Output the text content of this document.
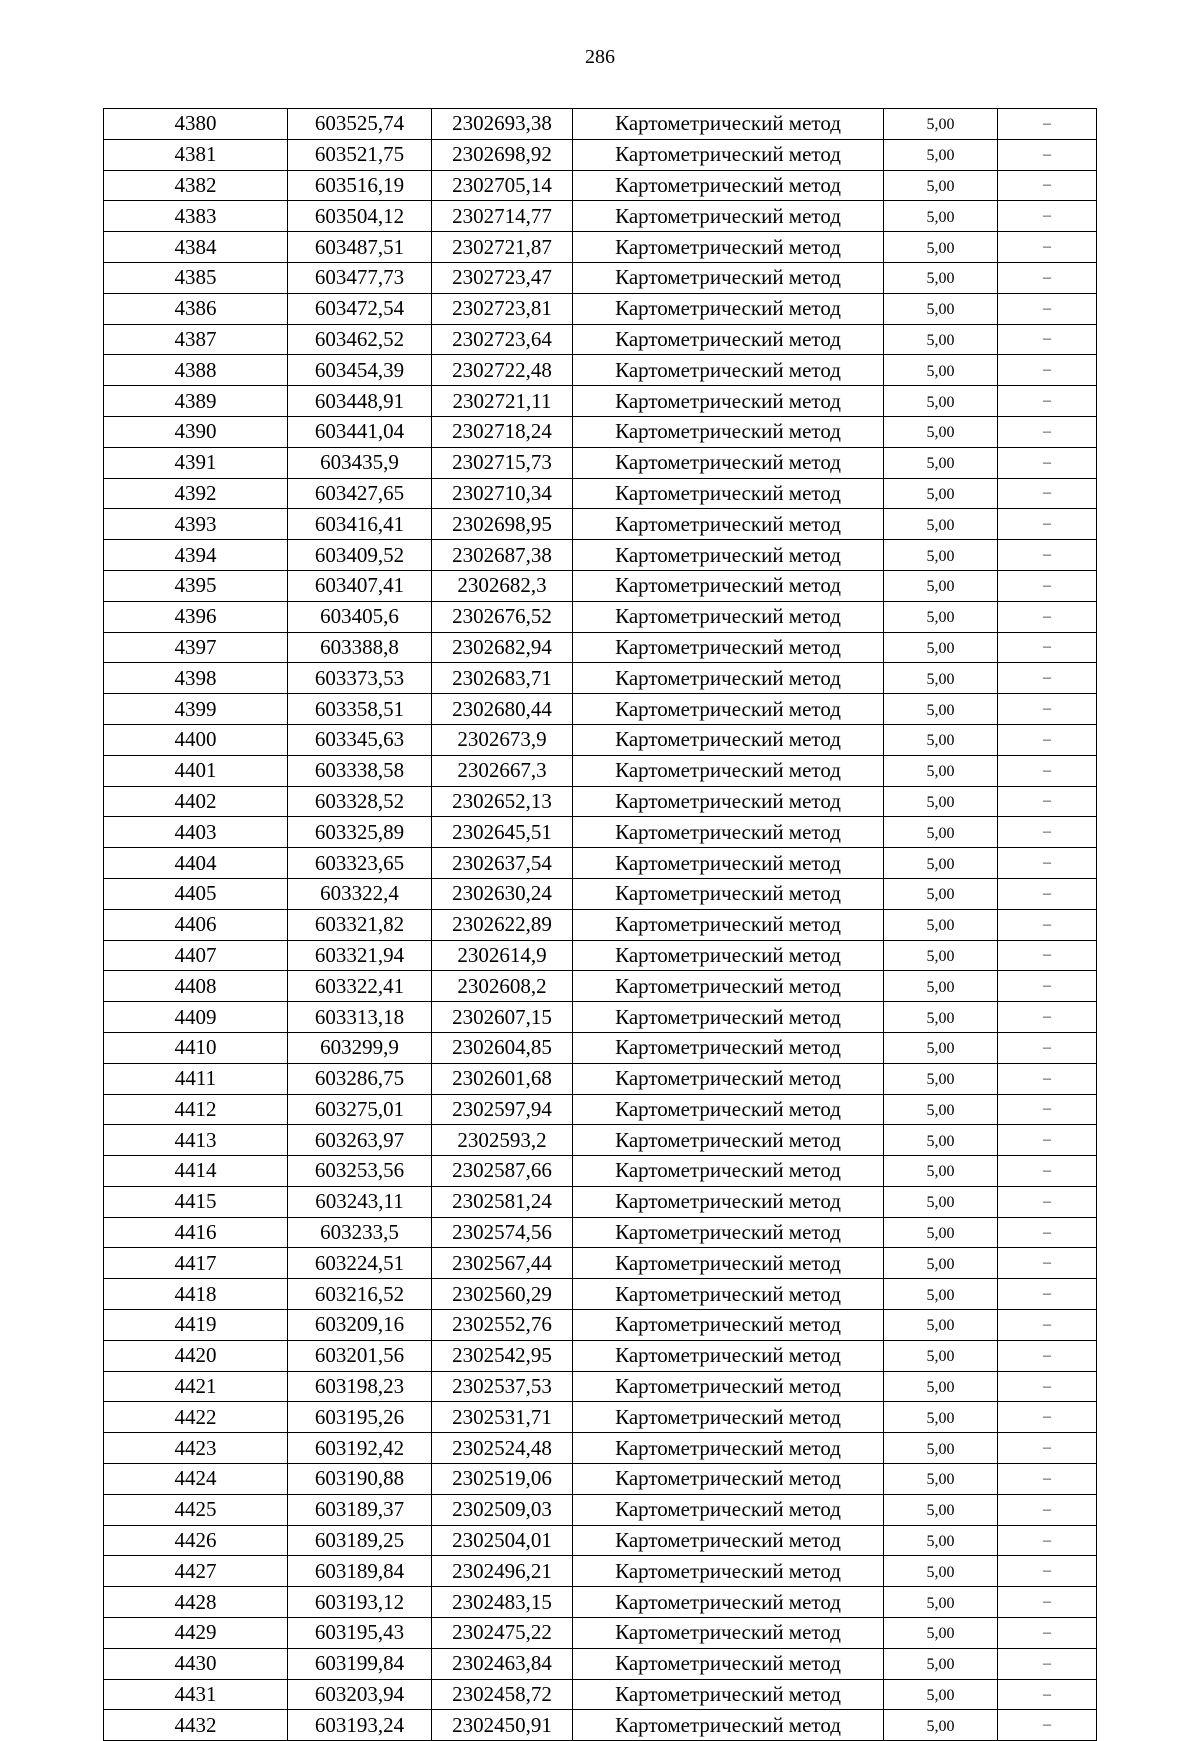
286
4380	603525,74	2302693,38	Картометрический метод	5,00	–
4381	603521,75	2302698,92	Картометрический метод	5,00	–
4382	603516,19	2302705,14	Картометрический метод	5,00	–
4383	603504,12	2302714,77	Картометрический метод	5,00	–
4384	603487,51	2302721,87	Картометрический метод	5,00	–
4385	603477,73	2302723,47	Картометрический метод	5,00	–
4386	603472,54	2302723,81	Картометрический метод	5,00	–
4387	603462,52	2302723,64	Картометрический метод	5,00	–
4388	603454,39	2302722,48	Картометрический метод	5,00	–
4389	603448,91	2302721,11	Картометрический метод	5,00	–
4390	603441,04	2302718,24	Картометрический метод	5,00	–
4391	603435,9	2302715,73	Картометрический метод	5,00	–
4392	603427,65	2302710,34	Картометрический метод	5,00	–
4393	603416,41	2302698,95	Картометрический метод	5,00	–
4394	603409,52	2302687,38	Картометрический метод	5,00	–
4395	603407,41	2302682,3	Картометрический метод	5,00	–
4396	603405,6	2302676,52	Картометрический метод	5,00	–
4397	603388,8	2302682,94	Картометрический метод	5,00	–
4398	603373,53	2302683,71	Картометрический метод	5,00	–
4399	603358,51	2302680,44	Картометрический метод	5,00	–
4400	603345,63	2302673,9	Картометрический метод	5,00	–
4401	603338,58	2302667,3	Картометрический метод	5,00	–
4402	603328,52	2302652,13	Картометрический метод	5,00	–
4403	603325,89	2302645,51	Картометрический метод	5,00	–
4404	603323,65	2302637,54	Картометрический метод	5,00	–
4405	603322,4	2302630,24	Картометрический метод	5,00	–
4406	603321,82	2302622,89	Картометрический метод	5,00	–
4407	603321,94	2302614,9	Картометрический метод	5,00	–
4408	603322,41	2302608,2	Картометрический метод	5,00	–
4409	603313,18	2302607,15	Картометрический метод	5,00	–
4410	603299,9	2302604,85	Картометрический метод	5,00	–
4411	603286,75	2302601,68	Картометрический метод	5,00	–
4412	603275,01	2302597,94	Картометрический метод	5,00	–
4413	603263,97	2302593,2	Картометрический метод	5,00	–
4414	603253,56	2302587,66	Картометрический метод	5,00	–
4415	603243,11	2302581,24	Картометрический метод	5,00	–
4416	603233,5	2302574,56	Картометрический метод	5,00	–
4417	603224,51	2302567,44	Картометрический метод	5,00	–
4418	603216,52	2302560,29	Картометрический метод	5,00	–
4419	603209,16	2302552,76	Картометрический метод	5,00	–
4420	603201,56	2302542,95	Картометрический метод	5,00	–
4421	603198,23	2302537,53	Картометрический метод	5,00	–
4422	603195,26	2302531,71	Картометрический метод	5,00	–
4423	603192,42	2302524,48	Картометрический метод	5,00	–
4424	603190,88	2302519,06	Картометрический метод	5,00	–
4425	603189,37	2302509,03	Картометрический метод	5,00	–
4426	603189,25	2302504,01	Картометрический метод	5,00	–
4427	603189,84	2302496,21	Картометрический метод	5,00	–
4428	603193,12	2302483,15	Картометрический метод	5,00	–
4429	603195,43	2302475,22	Картометрический метод	5,00	–
4430	603199,84	2302463,84	Картометрический метод	5,00	–
4431	603203,94	2302458,72	Картометрический метод	5,00	–
4432	603193,24	2302450,91	Картометрический метод	5,00	–
